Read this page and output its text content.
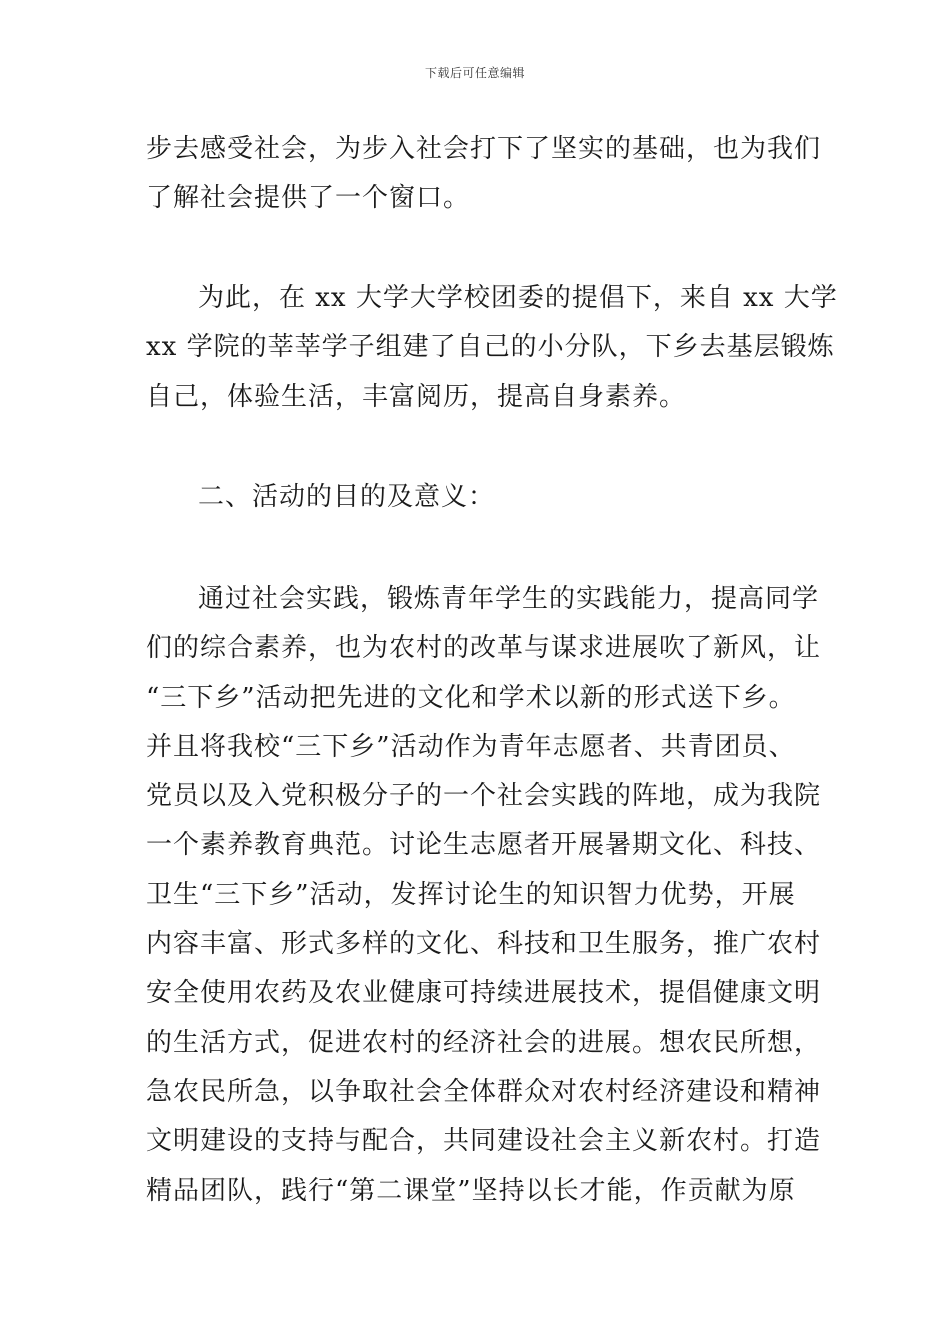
下载后可任意编辑
步去感受社会，为步入社会打下了坚实的基础，也为我们
了解社会提供了一个窗口。
为此，在 xx 大学大学校团委的提倡下，来自 xx 大学
xx 学院的莘莘学子组建了自己的小分队，下乡去基层锻炼
自己，体验生活，丰富阅历，提高自身素养。
二、活动的目的及意义：
通过社会实践，锻炼青年学生的实践能力，提高同学
们的综合素养，也为农村的改革与谋求进展吹了新风，让
“三下乡”活动把先进的文化和学术以新的形式送下乡。
并且将我校“三下乡”活动作为青年志愿者、共青团员、
党员以及入党积极分子的一个社会实践的阵地，成为我院
一个素养教育典范。讨论生志愿者开展暑期文化、科技、
卫生“三下乡”活动，发挥讨论生的知识智力优势，开展
内容丰富、形式多样的文化、科技和卫生服务，推广农村
安全使用农药及农业健康可持续进展技术，提倡健康文明
的生活方式，促进农村的经济社会的进展。想农民所想，
急农民所急，以争取社会全体群众对农村经济建设和精神
文明建设的支持与配合，共同建设社会主义新农村。打造
精品团队，践行“第二课堂”坚持以长才能，作贡献为原
